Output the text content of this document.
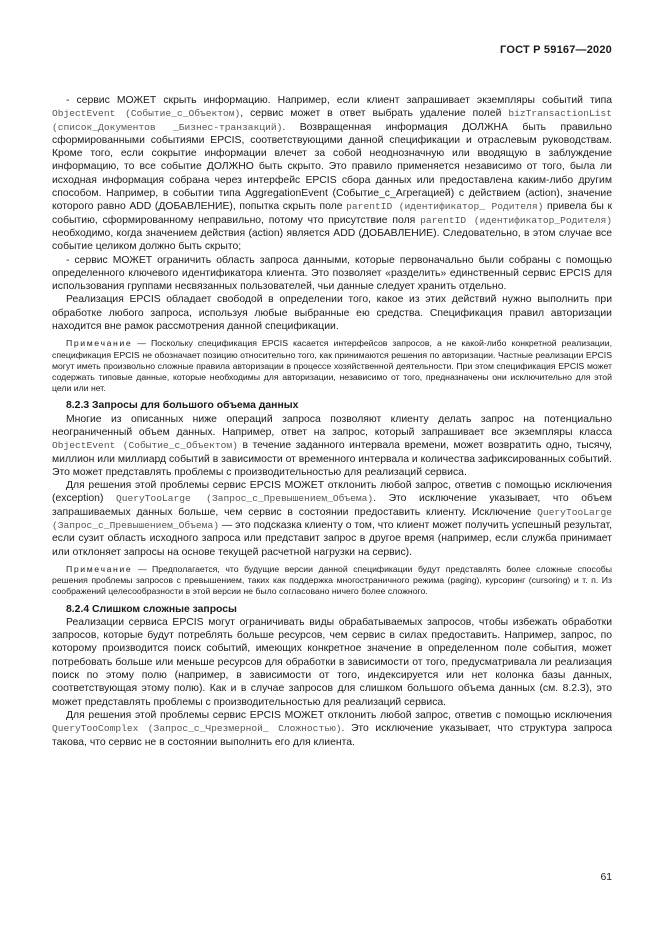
ГОСТ Р 59167—2020

- сервис МОЖЕТ скрыть информацию. Например, если клиент запрашивает экземпляры событий типа ObjectEvent (Событие_с_Объектом), сервис может в ответ выбрать удаление полей bizTransactionList (список_Документов _Бизнес-транзакций). Возвращенная информация ДОЛЖНА быть правильно сформированными событиями EPCIS, соответствующими данной спецификации и отраслевым руководствам. Кроме того, если сокрытие информации влечет за собой неоднозначную или вводящую в заблуждение информацию, то все событие ДОЛЖНО быть скрыто. Это правило применяется независимо от того, была ли исходная информация собрана через интерфейс EPCIS сбора данных или предоставлена каким-либо другим способом. Например, в событии типа AggregationEvent (Событие_с_Агрегацией) с действием (action), значение которого равно ADD (ДОБАВЛЕНИЕ), попытка скрыть поле parentID (идентификатор_ Родителя) привела бы к событию, сформированному неправильно, потому что присутствие поля parentID (идентификатор_Родителя) необходимо, когда значением действия (action) является ADD (ДОБАВЛЕНИЕ). Следовательно, в этом случае все событие целиком должно быть скрыто;

- сервис МОЖЕТ ограничить область запроса данными, которые первоначально были собраны с помощью определенного ключевого идентификатора клиента. Это позволяет «разделить» единственный сервис EPCIS для использования группами несвязанных пользователей, чьи данные следует хранить отдельно.

Реализация EPCIS обладает свободой в определении того, какое из этих действий нужно выполнить при обработке любого запроса, используя любые выбранные ею средства. Спецификация правил авторизации находится вне рамок рассмотрения данной спецификации.

Примечание — Поскольку спецификация EPCIS касается интерфейсов запросов, а не какой-либо конкретной реализации, спецификация EPCIS не обозначает позицию относительно того, как принимаются решения по авторизации. Частные реализации EPCIS могут иметь произвольно сложные правила авторизации в процессе хозяйственной деятельности. При этом спецификация EPCIS может содержать типовые данные, которые необходимы для авторизации, независимо от того, предназначены они исключительно для этой цели или нет.

8.2.3 Запросы для большого объема данных

Многие из описанных ниже операций запроса позволяют клиенту делать запрос на потенциально неограниченный объем данных. Например, ответ на запрос, который запрашивает все экземпляры класса ObjectEvent (Событие_с_Объектом) в течение заданного интервала времени, может возвратить одно, тысячу, миллион или миллиард событий в зависимости от временного интервала и количества зафиксированных событий. Это может представлять проблемы с производительностью для реализаций сервиса.

Для решения этой проблемы сервис EPCIS МОЖЕТ отклонить любой запрос, ответив с помощью исключения (exception) QueryTooLarge (Запрос_с_Превышением_Объема). Это исключение указывает, что объем запрашиваемых данных больше, чем сервис в состоянии предоставить клиенту. Исключение QueryTooLarge (Запрос_с_Превышением_Объема) — это подсказка клиенту о том, что клиент может получить успешный результат, если сузит область исходного запроса или представит запрос в другое время (например, если служба принимает или отклоняет запросы на основе текущей расчетной нагрузки на сервис).

Примечание — Предполагается, что будущие версии данной спецификации будут представлять более сложные способы решения проблемы запросов с превышением, таких как поддержка многостраничного режима (paging), курсоринг (cursoring) и т. п. Из соображений целесообразности в этой версии не было согласовано ничего более сложного.

8.2.4 Слишком сложные запросы

Реализации сервиса EPCIS могут ограничивать виды обрабатываемых запросов, чтобы избежать обработки запросов, которые будут потреблять больше ресурсов, чем сервис в силах предоставить. Например, запрос, по которому производится поиск событий, имеющих конкретное значение в определенном поле события, может потребовать больше или меньше ресурсов для обработки в зависимости от того, предусматривала ли реализация поиск по этому полю (например, в зависимости от того, индексируется или нет колонка базы данных, соответствующая этому полю). Как и в случае запросов для слишком большого объема данных (см. 8.2.3), это может представлять проблемы с производительностью для реализаций сервиса.

Для решения этой проблемы сервис EPCIS МОЖЕТ отклонить любой запрос, ответив с помощью исключения QueryTooComplex (Запрос_с_Чрезмерной_ Сложностью). Это исключение указывает, что структура запроса такова, что сервис не в состоянии выполнить его для клиента.

61
